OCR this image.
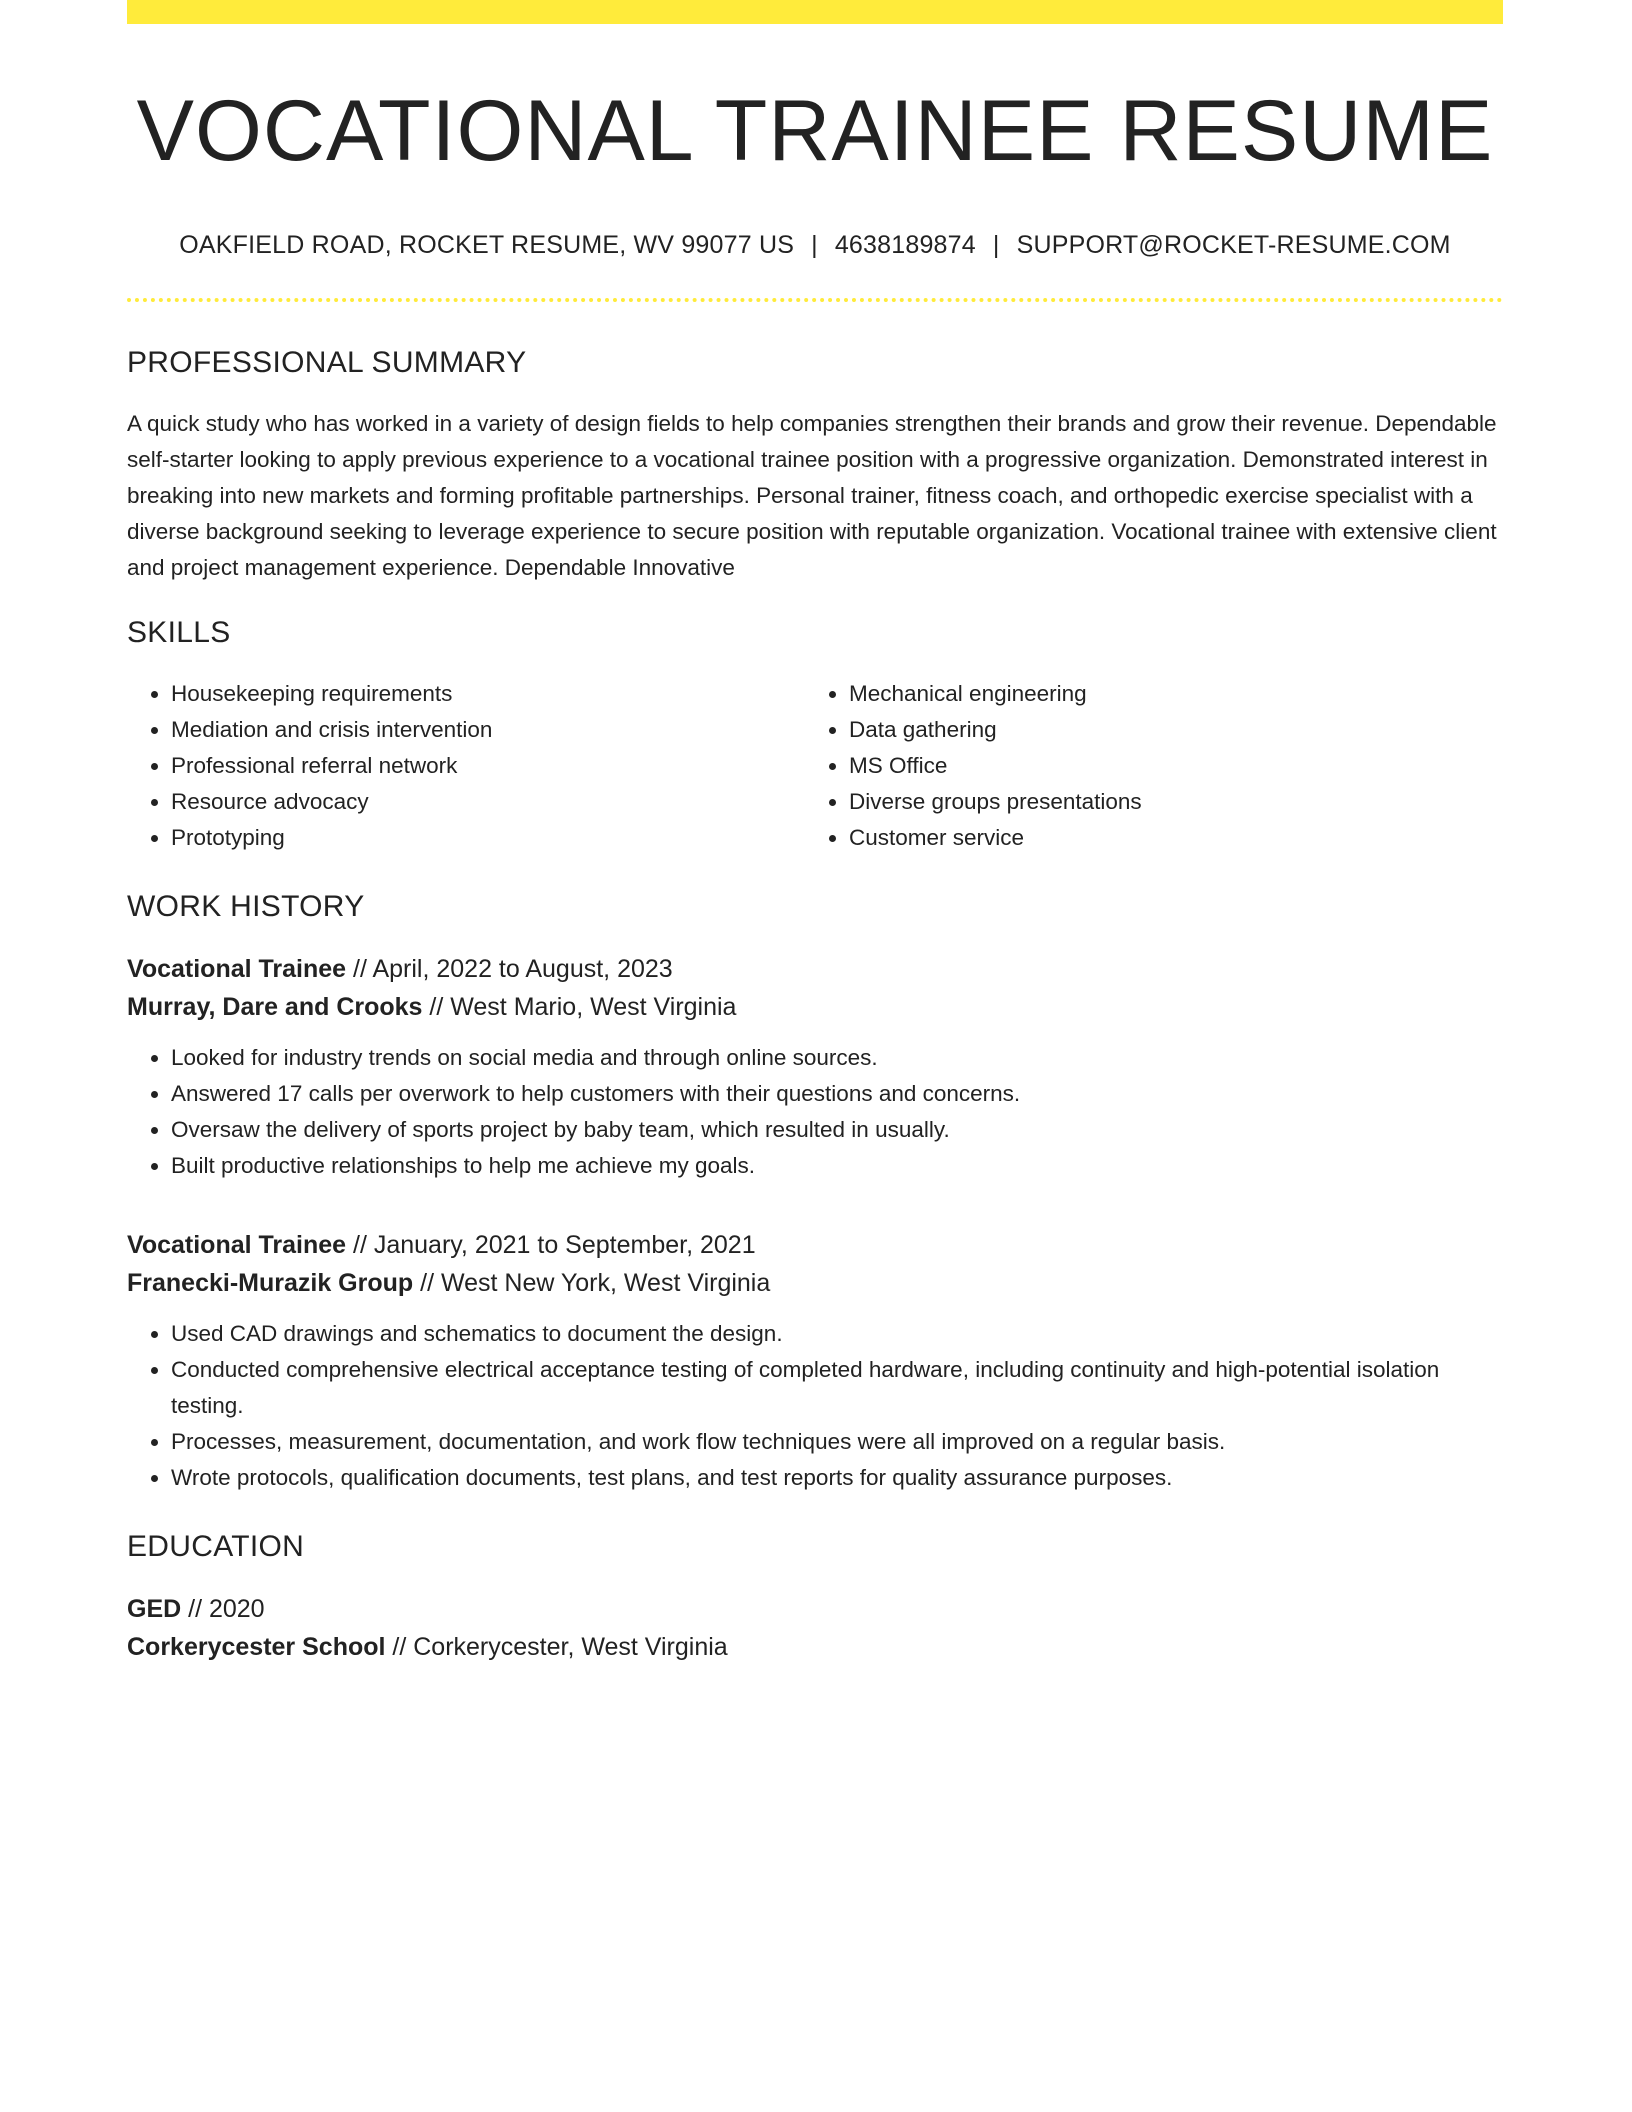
VOCATIONAL TRAINEE RESUME
OAKFIELD ROAD, ROCKET RESUME, WV 99077 US | 4638189874 | SUPPORT@ROCKET-RESUME.COM
PROFESSIONAL SUMMARY

A quick study who has worked in a variety of design fields to help companies strengthen their brands and grow their revenue. Dependable self-starter looking to apply previous experience to a vocational trainee position with a progressive organization. Demonstrated interest in breaking into new markets and forming profitable partnerships. Personal trainer, fitness coach, and orthopedic exercise specialist with a diverse background seeking to leverage experience to secure position with reputable organization. Vocational trainee with extensive client and project management experience. Dependable Innovative

SKILLS
• Housekeeping requirements
• Mediation and crisis intervention
• Professional referral network
• Resource advocacy
• Prototyping
• Mechanical engineering
• Data gathering
• MS Office
• Diverse groups presentations
• Customer service
WORK HISTORY
Vocational Trainee // April, 2022 to August, 2023
Murray, Dare and Crooks // West Mario, West Virginia
• Looked for industry trends on social media and through online sources.
• Answered 17 calls per overwork to help customers with their questions and concerns.
• Oversaw the delivery of sports project by baby team, which resulted in usually.
• Built productive relationships to help me achieve my goals.
Vocational Trainee // January, 2021 to September, 2021
Franecki-Murazik Group // West New York, West Virginia
• Used CAD drawings and schematics to document the design.
• Conducted comprehensive electrical acceptance testing of completed hardware, including continuity and high-potential isolation testing.
• Processes, measurement, documentation, and work flow techniques were all improved on a regular basis.
• Wrote protocols, qualification documents, test plans, and test reports for quality assurance purposes.
EDUCATION
GED // 2020
Corkerycester School // Corkerycester, West Virginia
